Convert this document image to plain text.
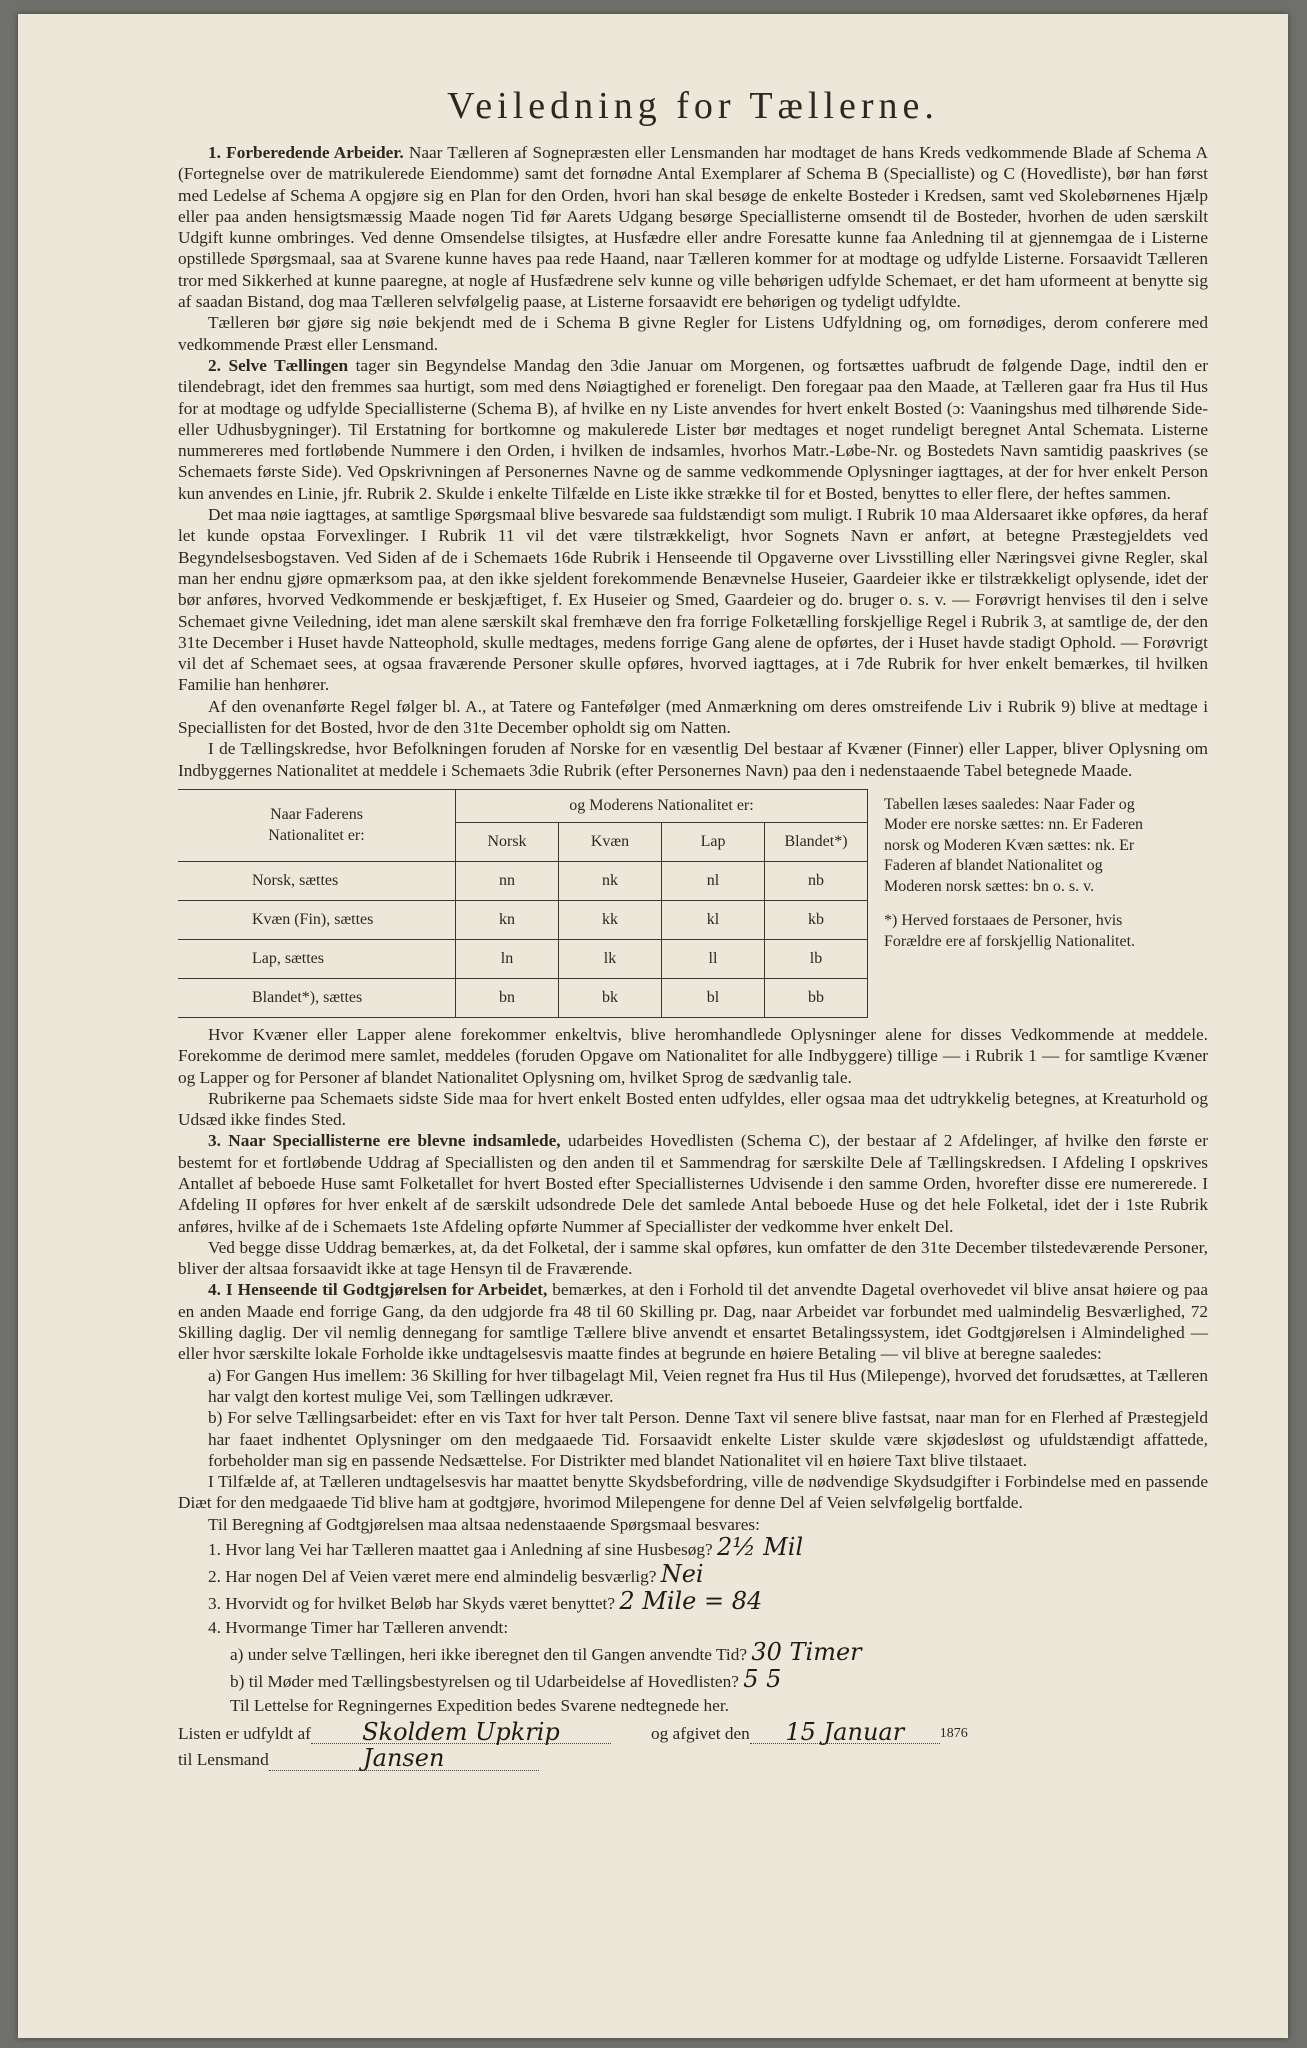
Veiledning for Tællerne.

1. Forberedende Arbeider. Naar Tælleren af Sognepræsten eller Lensmanden har modtaget de hans Kreds vedkommende Blade af Schema A (Fortegnelse over de matrikulerede Eiendomme) samt det fornødne Antal Exemplarer af Schema B (Specialliste) og C (Hovedliste), bør han først med Ledelse af Schema A opgjøre sig en Plan for den Orden, hvori han skal besøge de enkelte Bosteder i Kredsen, samt ved Skolebørnenes Hjælp eller paa anden hensigtsmæssig Maade nogen Tid før Aarets Udgang besørge Speciallisterne omsendt til de Bosteder, hvorhen de uden særskilt Udgift kunne ombringes. Ved denne Omsendelse tilsigtes, at Husfædre eller andre Foresatte kunne faa Anledning til at gjennemgaa de i Listerne opstillede Spørgsmaal, saa at Svarene kunne haves paa rede Haand, naar Tælleren kommer for at modtage og udfylde Listerne. Forsaavidt Tælleren tror med Sikkerhed at kunne paaregne, at nogle af Husfædrene selv kunne og ville behørigen udfylde Schemaet, er det ham uformeent at benytte sig af saadan Bistand, dog maa Tælleren selvfølgelig paase, at Listerne forsaavidt ere behørigen og tydeligt udfyldte.

Tælleren bør gjøre sig nøie bekjendt med de i Schema B givne Regler for Listens Udfyldning og, om fornødiges, derom conferere med vedkommende Præst eller Lensmand.

2. Selve Tællingen tager sin Begyndelse Mandag den 3die Januar om Morgenen, og fortsættes uafbrudt de følgende Dage, indtil den er tilendebragt, idet den fremmes saa hurtigt, som med dens Nøiagtighed er foreneligt. Den foregaar paa den Maade, at Tælleren gaar fra Hus til Hus for at modtage og udfylde Speciallisterne (Schema B), af hvilke en ny Liste anvendes for hvert enkelt Bosted (ɔ: Vaaningshus med tilhørende Side- eller Udhusbygninger). Til Erstatning for bortkomne og makulerede Lister bør medtages et noget rundeligt beregnet Antal Schemata. Listerne nummereres med fortløbende Nummere i den Orden, i hvilken de indsamles, hvorhos Matr.-Løbe-Nr. og Bostedets Navn samtidig paaskrives (se Schemaets første Side). Ved Opskrivningen af Personernes Navne og de samme vedkommende Oplysninger iagttages, at der for hver enkelt Person kun anvendes en Linie, jfr. Rubrik 2. Skulde i enkelte Tilfælde en Liste ikke strække til for et Bosted, benyttes to eller flere, der heftes sammen.

Det maa nøie iagttages, at samtlige Spørgsmaal blive besvarede saa fuldstændigt som muligt. I Rubrik 10 maa Aldersaaret ikke opføres, da heraf let kunde opstaa Forvexlinger. I Rubrik 11 vil det være tilstrækkeligt, hvor Sognets Navn er anført, at betegne Præstegjeldets ved Begyndelsesbogstaven. Ved Siden af de i Schemaets 16de Rubrik i Henseende til Opgaverne over Livsstilling eller Næringsvei givne Regler, skal man her endnu gjøre opmærksom paa, at den ikke sjeldent forekommende Benævnelse Huseier, Gaardeier ikke er tilstrækkeligt oplysende, idet der bør anføres, hvorved Vedkommende er beskjæftiget, f. Ex Huseier og Smed, Gaardeier og do. bruger o. s. v. — Forøvrigt henvises til den i selve Schemaet givne Veiledning, idet man alene særskilt skal fremhæve den fra forrige Folketælling forskjellige Regel i Rubrik 3, at samtlige de, der den 31te December i Huset havde Natteophold, skulle medtages, medens forrige Gang alene de opførtes, der i Huset havde stadigt Ophold. — Forøvrigt vil det af Schemaet sees, at ogsaa fraværende Personer skulle opføres, hvorved iagttages, at i 7de Rubrik for hver enkelt bemærkes, til hvilken Familie han henhører.

Af den ovenanførte Regel følger bl. A., at Tatere og Fantefølger (med Anmærkning om deres omstreifende Liv i Rubrik 9) blive at medtage i Speciallisten for det Bosted, hvor de den 31te December opholdt sig om Natten.

I de Tællingskredse, hvor Befolkningen foruden af Norske for en væsentlig Del bestaar af Kvæner (Finner) eller Lapper, bliver Oplysning om Indbyggernes Nationalitet at meddele i Schemaets 3die Rubrik (efter Personernes Navn) paa den i nedenstaaende Tabel betegnede Maade.

Naar Faderens
Nationalitet er:	og Moderens Nationalitet er:			
	Norsk	Kvæn	Lap	Blandet*)
Norsk, sættes	nn	nk	nl	nb
Kvæn (Fin), sættes	kn	kk	kl	kb
Lap, sættes	ln	lk	ll	lb
Blandet*), sættes	bn	bk	bl	bb

Tabellen læses saaledes: Naar Fader og Moder ere norske sættes: nn. Er Faderen norsk og Moderen Kvæn sættes: nk. Er Faderen af blandet Nationalitet og Moderen norsk sættes: bn o. s. v.

*) Herved forstaaes de Personer, hvis Forældre ere af forskjellig Nationalitet.

Hvor Kvæner eller Lapper alene forekommer enkeltvis, blive heromhandlede Oplysninger alene for disses Vedkommende at meddele. Forekomme de derimod mere samlet, meddeles (foruden Opgave om Nationalitet for alle Indbyggere) tillige — i Rubrik 1 — for samtlige Kvæner og Lapper og for Personer af blandet Nationalitet Oplysning om, hvilket Sprog de sædvanlig tale.

Rubrikerne paa Schemaets sidste Side maa for hvert enkelt Bosted enten udfyldes, eller ogsaa maa det udtrykkelig betegnes, at Kreaturhold og Udsæd ikke findes Sted.

3. Naar Speciallisterne ere blevne indsamlede, udarbeides Hovedlisten (Schema C), der bestaar af 2 Afdelinger, af hvilke den første er bestemt for et fortløbende Uddrag af Speciallisten og den anden til et Sammendrag for særskilte Dele af Tællingskredsen. I Afdeling I opskrives Antallet af beboede Huse samt Folketallet for hvert Bosted efter Speciallisternes Udvisende i den samme Orden, hvorefter disse ere numererede. I Afdeling II opføres for hver enkelt af de særskilt udsondrede Dele det samlede Antal beboede Huse og det hele Folketal, idet der i 1ste Rubrik anføres, hvilke af de i Schemaets 1ste Afdeling opførte Nummer af Speciallister der vedkomme hver enkelt Del.

Ved begge disse Uddrag bemærkes, at, da det Folketal, der i samme skal opføres, kun omfatter de den 31te December tilstedeværende Personer, bliver der altsaa forsaavidt ikke at tage Hensyn til de Fraværende.

4. I Henseende til Godtgjørelsen for Arbeidet, bemærkes, at den i Forhold til det anvendte Dagetal overhovedet vil blive ansat høiere og paa en anden Maade end forrige Gang, da den udgjorde fra 48 til 60 Skilling pr. Dag, naar Arbeidet var forbundet med ualmindelig Besværlighed, 72 Skilling daglig. Der vil nemlig dennegang for samtlige Tællere blive anvendt et ensartet Betalingssystem, idet Godtgjørelsen i Almindelighed — eller hvor særskilte lokale Forholde ikke undtagelsesvis maatte findes at begrunde en høiere Betaling — vil blive at beregne saaledes:

a) For Gangen Hus imellem: 36 Skilling for hver tilbagelagt Mil, Veien regnet fra Hus til Hus (Milepenge), hvorved det forudsættes, at Tælleren har valgt den kortest mulige Vei, som Tællingen udkræver.

b) For selve Tællingsarbeidet: efter en vis Taxt for hver talt Person. Denne Taxt vil senere blive fastsat, naar man for en Flerhed af Præstegjeld har faaet indhentet Oplysninger om den medgaaede Tid. Forsaavidt enkelte Lister skulde være skjødesløst og ufuldstændigt affattede, forbeholder man sig en passende Nedsættelse. For Distrikter med blandet Nationalitet vil en høiere Taxt blive tilstaaet.

I Tilfælde af, at Tælleren undtagelsesvis har maattet benytte Skydsbefordring, ville de nødvendige Skydsudgifter i Forbindelse med en passende Diæt for den medgaaede Tid blive ham at godtgjøre, hvorimod Milepengene for denne Del af Veien selvfølgelig bortfalde.

Til Beregning af Godtgjørelsen maa altsaa nedenstaaende Spørgsmaal besvares:

1. Hvor lang Vei har Tælleren maattet gaa i Anledning af sine Husbesøg? 2½ Mil

2. Har nogen Del af Veien været mere end almindelig besværlig? Nei

3. Hvorvidt og for hvilket Beløb har Skyds været benyttet? 2 Mile = 84

4. Hvormange Timer har Tælleren anvendt:

a) under selve Tællingen, heri ikke iberegnet den til Gangen anvendte Tid? 30 Timer

b) til Møder med Tællingsbestyrelsen og til Udarbeidelse af Hovedlisten? 5 5

Til Lettelse for Regningernes Expedition bedes Svarene nedtegnede her.

Listen er udfyldt af	Skoldem Upkrip	og afgivet den	15 Januar	1876
til Lensmand	Jansen
